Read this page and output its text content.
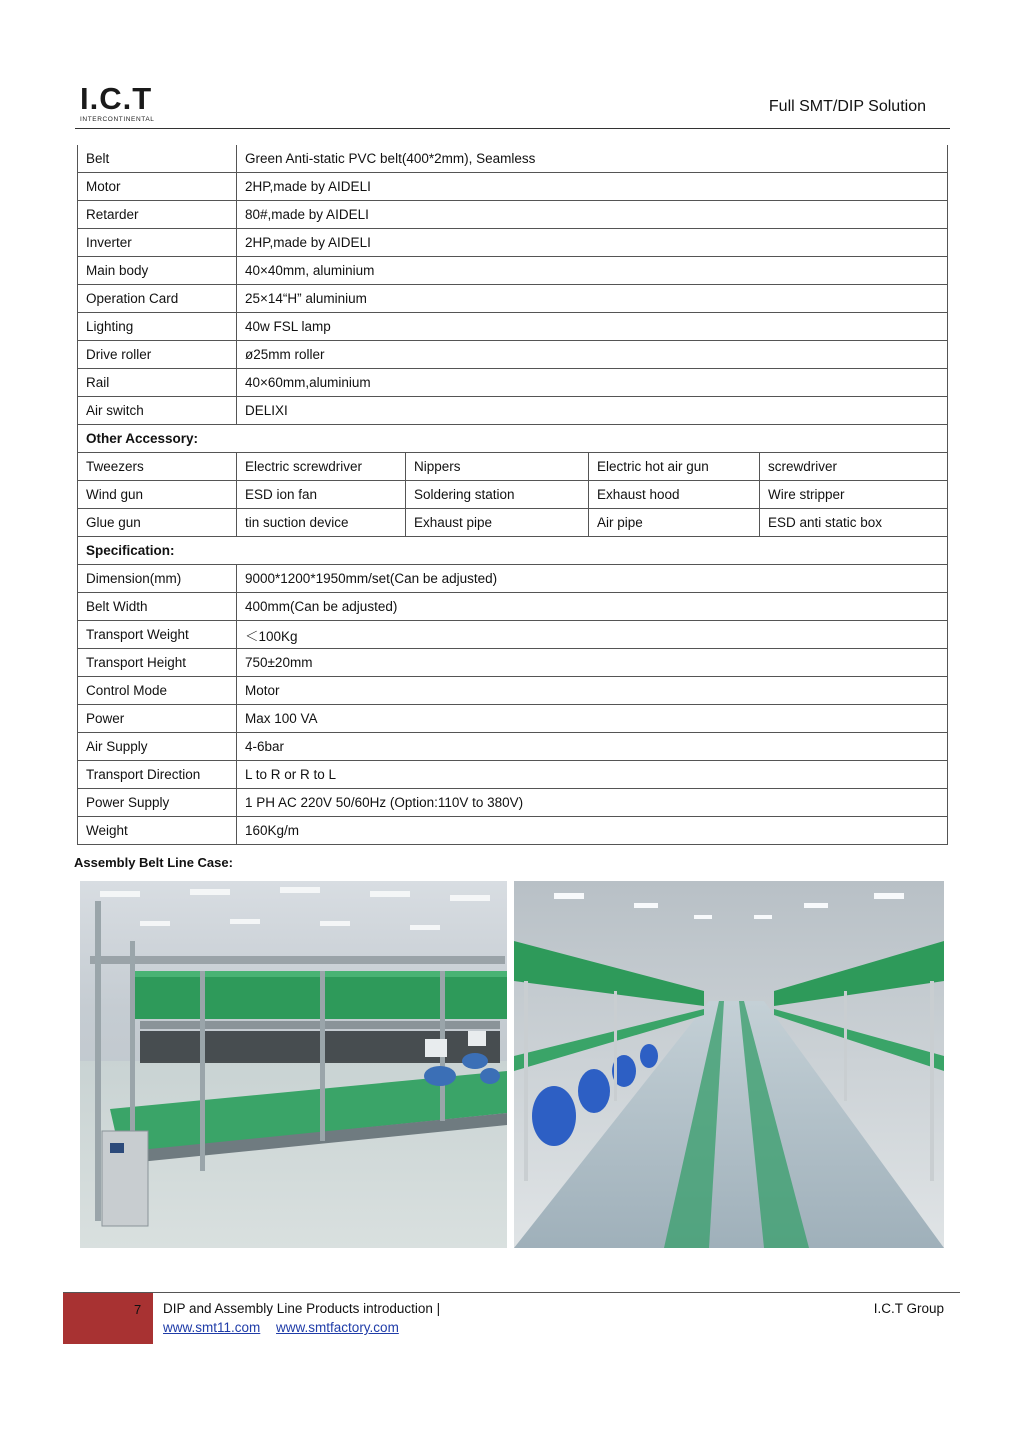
I.C.T
INTERCONTINENTAL
Full SMT/DIP Solution
Belt	Green Anti-static PVC belt(400*2mm), Seamless			
Motor	2HP,made by AIDELI			
Retarder	80#,made by AIDELI			
Inverter	2HP,made by AIDELI			
Main body	40×40mm, aluminium			
Operation Card	25×14“H” aluminium			
Lighting	40w FSL lamp			
Drive roller	ø25mm roller			
Rail	40×60mm,aluminium			
Air switch	DELIXI			
Other Accessory:				
Tweezers	Electric screwdriver	Nippers	Electric hot air gun	screwdriver
Wind gun	ESD ion fan	Soldering station	Exhaust hood	Wire stripper
Glue gun	tin suction device	Exhaust pipe	Air pipe	ESD anti static box
Specification:				
Dimension(mm)	9000*1200*1950mm/set(Can be adjusted)			
Belt Width	400mm(Can be adjusted)			
Transport Weight	＜100Kg			
Transport Height	750±20mm			
Control Mode	Motor			
Power	Max 100 VA			
Air Supply	4-6bar			
Transport Direction	L to R or R to L			
Power Supply	1 PH AC 220V 50/60Hz (Option:110V to 380V)			
Weight	160Kg/m			
Assembly Belt Line Case:
7 DIP and Assembly Line Products introduction |
www.smt11.com www.smtfactory.com
I.C.T Group
